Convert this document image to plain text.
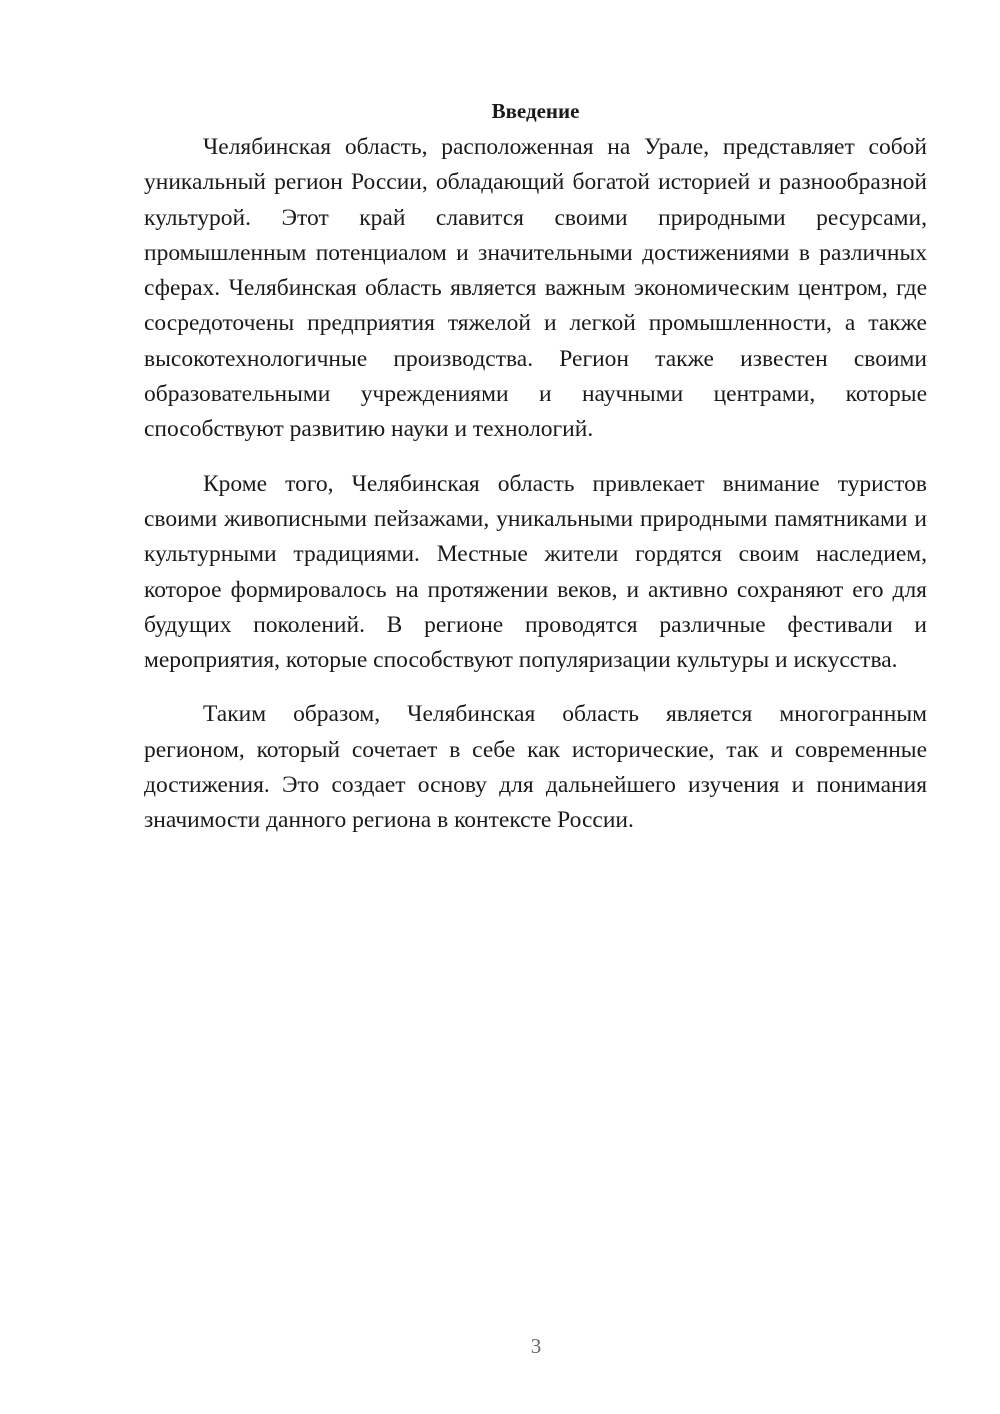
Введение

Челябинская область, расположенная на Урале, представляет собой уникальный регион России, обладающий богатой историей и разнообразной культурой. Этот край славится своими природными ресурсами, промышленным потенциалом и значительными достижениями в различных сферах. Челябинская область является важным экономическим центром, где сосредоточены предприятия тяжелой и легкой промышленности, а также высокотехнологичные производства. Регион также известен своими образовательными учреждениями и научными центрами, которые способствуют развитию науки и технологий.

Кроме того, Челябинская область привлекает внимание туристов своими живописными пейзажами, уникальными природными памятниками и культурными традициями. Местные жители гордятся своим наследием, которое формировалось на протяжении веков, и активно сохраняют его для будущих поколений. В регионе проводятся различные фестивали и мероприятия, которые способствуют популяризации культуры и искусства.

Таким образом, Челябинская область является многогранным регионом, который сочетает в себе как исторические, так и современные достижения. Это создает основу для дальнейшего изучения и понимания значимости данного региона в контексте России.

3
